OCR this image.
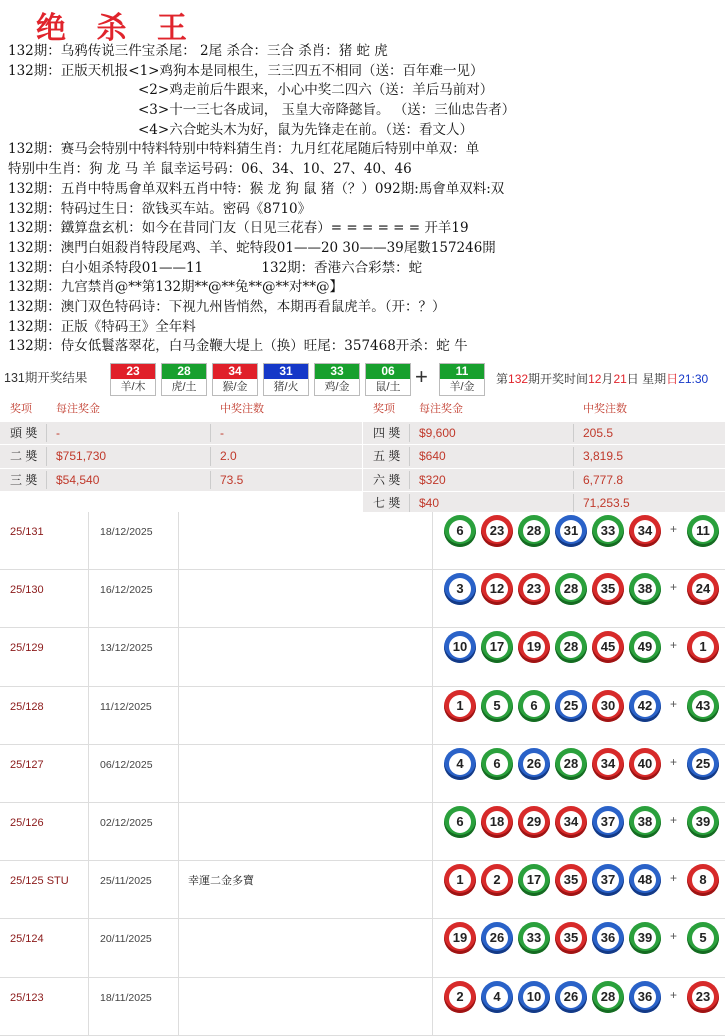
绝 杀 王
132期：乌鸦传说三件宝杀尾： 2尾 杀合：三合 杀肖：猪 蛇 虎
132期：正版天机报<1>鸡狗本是同根生，三三四五不相同（送：百年难一见）
<2>鸡走前后牛跟来，小心中奖二四六（送：羊后马前对）
<3>十一三七各成词， 玉皇大帝降懿旨。 （送：三仙忠告者）
<4>六合蛇头木为好，鼠为先锋走在前。（送：看文人）
132期：赛马会特别中特料特别中特料猜生肖：九月红花尾随后特别中单双：单
特别中生肖：狗 龙 马 羊 鼠幸运号码：06、34、10、27、40、46
132期：五肖中特馬會单双料五肖中特：猴 龙 狗 鼠 猪（？）092期:馬會单双料:双
132期：特码过生日：欲钱买车站。密码《8710》
132期：鐵算盘玄机：如今在昔同门友（日见三花春）= = = = = = 开羊19
132期：澳門白姐殺肖特段尾鸡、羊、蛇特段01——20 30——39尾數157246開
132期：白小姐杀特段01——11 　　　　132期：香港六合彩禁：蛇
132期：九宫禁肖@**第132期**@**兔**@**对**@】
132期：澳门双色特码诗：下视九州皆悄然，本期再看鼠虎羊。（开：？）
132期：正版《特码王》全年料
132期：侍女低鬟落翠花，白马金鞭大堤上（换）旺尾：357468开杀：蛇 牛
131期开奖结果	+	第132期开奖时间12月21日 星期日21:30
23
羊/木
28
虎/土
34
猴/金
31
猪/火
33
鸡/金
06
鼠/土
11
羊/金
奖项 每注奖金	中奖注数
頭 奬 -	-
二 奬 $751,730	2.0
三 奬 $54,540	73.5
奖项 每注奖金	中奖注数
四 奬 $9,600	205.5
五 奬 $640	3,819.5
六 奬 $320	6,777.8
七 奬 $40	71,253.5
25/131	18/12/2025	6	23 28 31 33 34	+	11
25/130	16/12/2025	3	12 23 28 35 38	+ 24
25/129	13/12/2025	10 17 19 28 45 49	+	1
25/128	11/12/2025	1	5	6	25 30 42	+ 43
25/127	06/12/2025	4	6	26 28 34 40	+ 25
25/126	02/12/2025	6	18 29 34 37 38	+ 39
25/125 STU	25/11/2025	幸運二金多寶	1	2	17 35 37 48	+	8
25/124	20/11/2025	19 26 33 35 36 39	+	5
25/123	18/11/2025	2	4	10 26 28 36	+ 23
